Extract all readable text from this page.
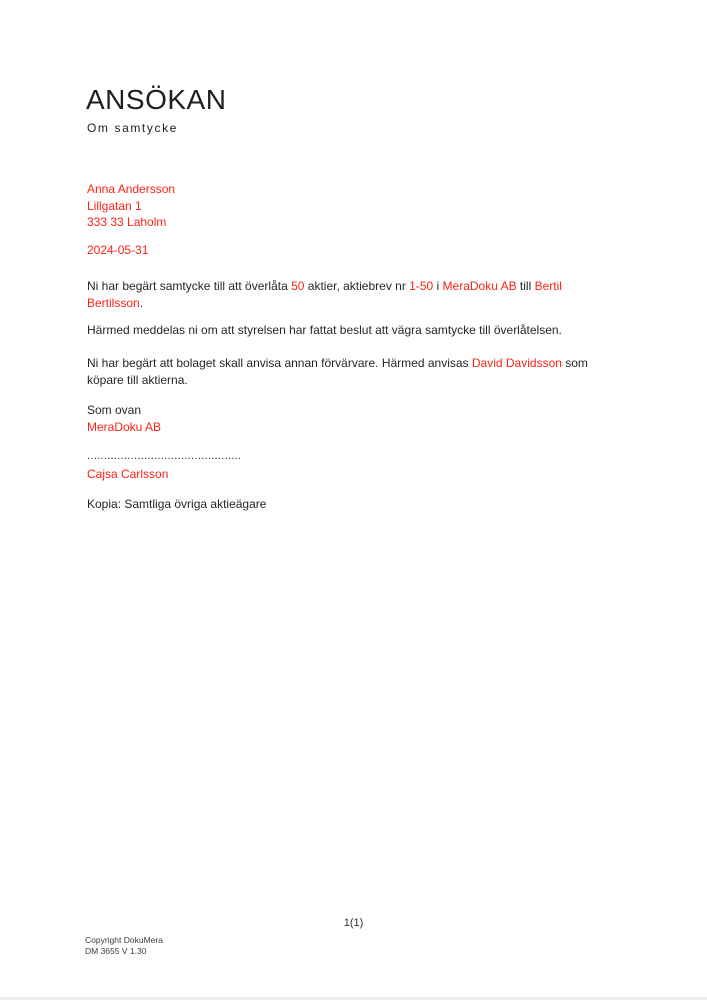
ANSÖKAN
Om samtycke
Anna Andersson
Lillgatan 1
333 33 Laholm
2024-05-31

Ni har begärt samtycke till att överlåta 50 aktier, aktiebrev nr 1-50 i MeraDoku AB till Bertil
Bertilsson.

Härmed meddelas ni om att styrelsen har fattat beslut att vägra samtycke till överlåtelsen.

Ni har begärt att bolaget skall anvisa annan förvärvare. Härmed anvisas David Davidsson som
köpare till aktierna.

Som ovan
MeraDoku AB
..............................................
Cajsa Carlsson
Kopia: Samtliga övriga aktieägare
1(1)
Copyright DokuMera
DM 3655 V 1.30
